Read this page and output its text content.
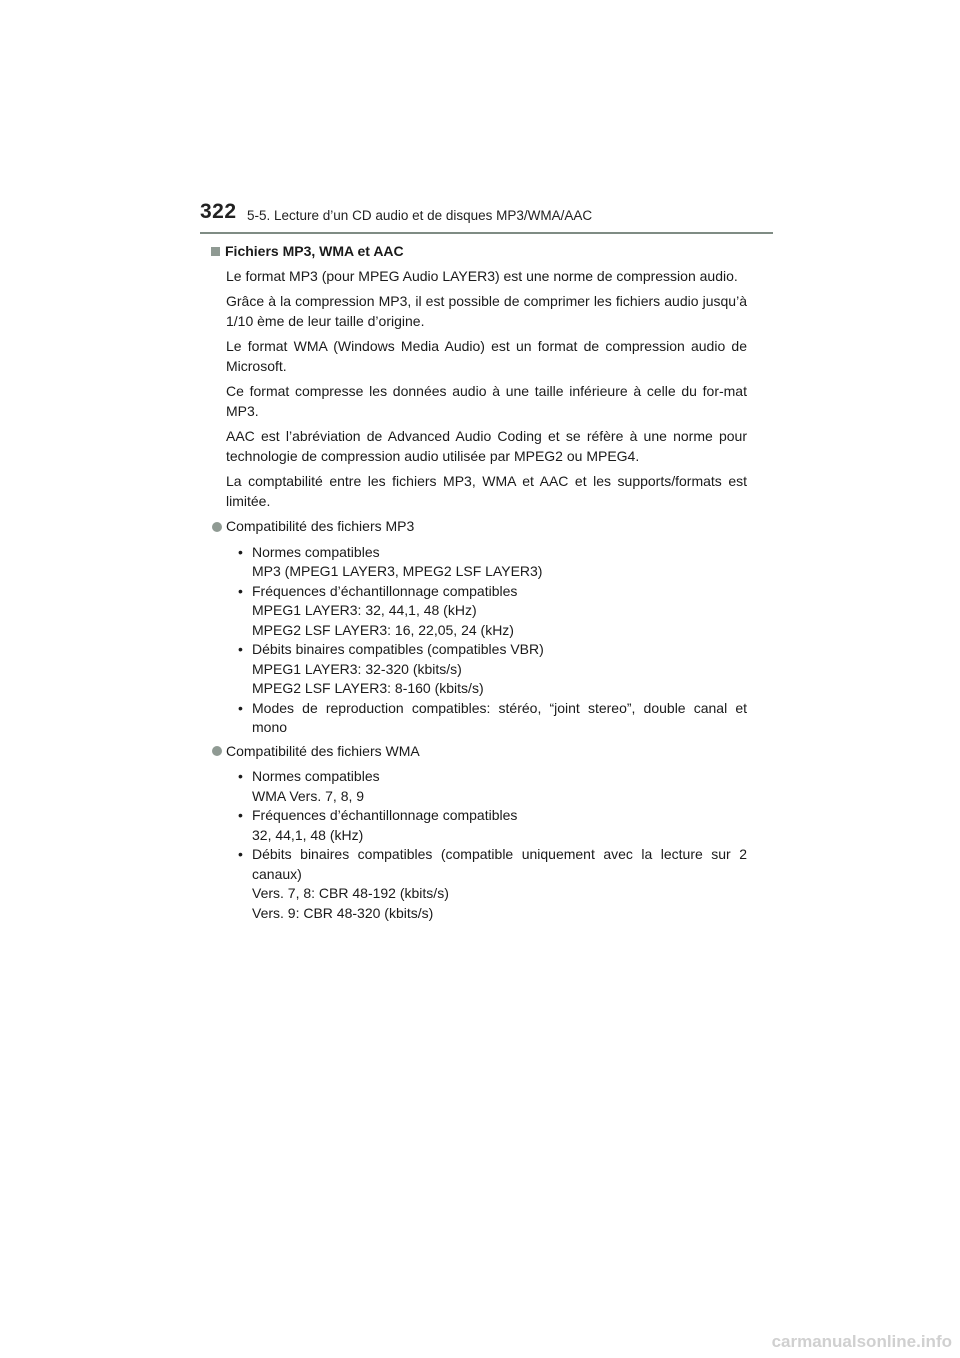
322 5-5. Lecture d’un CD audio et de disques MP3/WMA/AAC
Fichiers MP3, WMA et AAC

Le format MP3 (pour MPEG Audio LAYER3) est une norme de compression audio.

Grâce à la compression MP3, il est possible de comprimer les fichiers audio jusqu’à 1/10 ème de leur taille d’origine.

Le format WMA (Windows Media Audio) est un format de compression audio de Microsoft.

Ce format compresse les données audio à une taille inférieure à celle du for-mat MP3.

AAC est l’abréviation de Advanced Audio Coding et se réfère à une norme pour technologie de compression audio utilisée par MPEG2 ou MPEG4.

La comptabilité entre les fichiers MP3, WMA et AAC et les supports/formats est limitée.

Compatibilité des fichiers MP3
• Normes compatibles
MP3 (MPEG1 LAYER3, MPEG2 LSF LAYER3)
• Fréquences d’échantillonnage compatibles
MPEG1 LAYER3: 32, 44,1, 48 (kHz)
MPEG2 LSF LAYER3: 16, 22,05, 24 (kHz)
• Débits binaires compatibles (compatibles VBR)
MPEG1 LAYER3: 32-320 (kbits/s)
MPEG2 LSF LAYER3: 8-160 (kbits/s)
• Modes de reproduction compatibles: stéréo, “joint stereo”, double canal et mono
Compatibilité des fichiers WMA
• Normes compatibles
WMA Vers. 7, 8, 9
• Fréquences d’échantillonnage compatibles
32, 44,1, 48 (kHz)
• Débits binaires compatibles (compatible uniquement avec la lecture sur 2 canaux)
Vers. 7, 8: CBR 48-192 (kbits/s)
Vers. 9: CBR 48-320 (kbits/s)
carmanualsonline.info
